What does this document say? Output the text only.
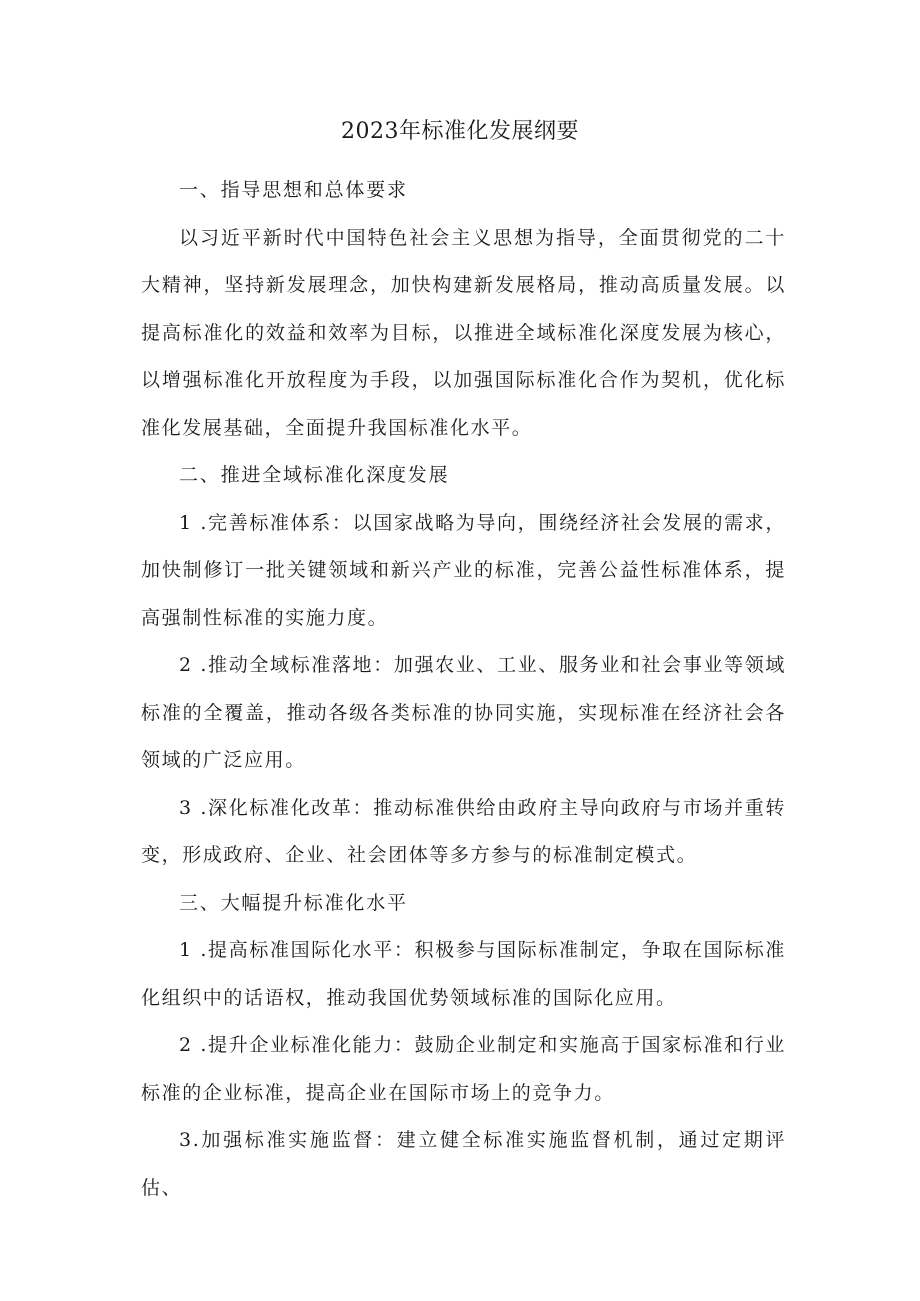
2023年标准化发展纲要

一、指导思想和总体要求

以习近平新时代中国特色社会主义思想为指导，全面贯彻党的二十大精神，坚持新发展理念，加快构建新发展格局，推动高质量发展。以提高标准化的效益和效率为目标，以推进全域标准化深度发展为核心，以增强标准化开放程度为手段，以加强国际标准化合作为契机，优化标准化发展基础，全面提升我国标准化水平。

二、推进全域标准化深度发展

1 .完善标准体系：以国家战略为导向，围绕经济社会发展的需求，加快制修订一批关键领域和新兴产业的标准，完善公益性标准体系，提高强制性标准的实施力度。

2 .推动全域标准落地：加强农业、工业、服务业和社会事业等领域标准的全覆盖，推动各级各类标准的协同实施，实现标准在经济社会各领域的广泛应用。

3 .深化标准化改革：推动标准供给由政府主导向政府与市场并重转变，形成政府、企业、社会团体等多方参与的标准制定模式。

三、大幅提升标准化水平

1 .提高标准国际化水平：积极参与国际标准制定，争取在国际标准化组织中的话语权，推动我国优势领域标准的国际化应用。

2 .提升企业标准化能力：鼓励企业制定和实施高于国家标准和行业标准的企业标准，提高企业在国际市场上的竞争力。

3.加强标准实施监督：建立健全标准实施监督机制，通过定期评估、
